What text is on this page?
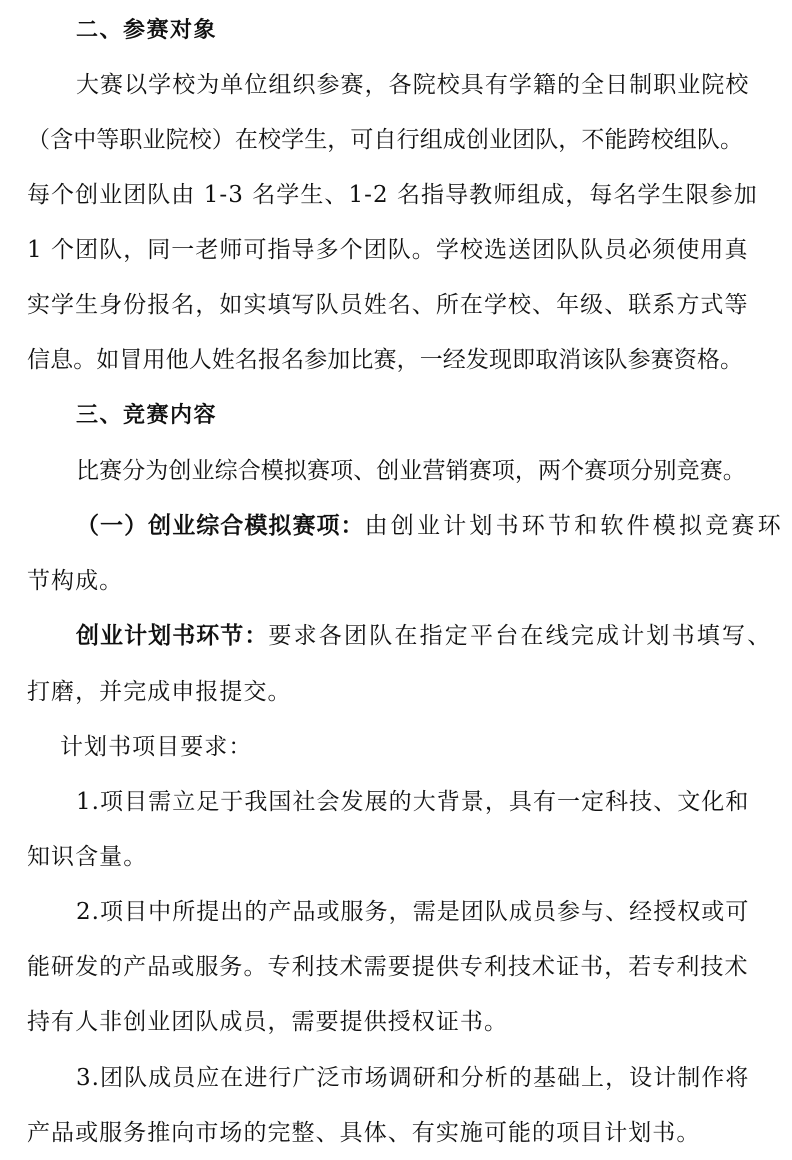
二、参赛对象
大赛以学校为单位组织参赛，各院校具有学籍的全日制职业院校
（含中等职业院校）在校学生，可自行组成创业团队，不能跨校组队。
每个创业团队由 1-3 名学生、1-2 名指导教师组成，每名学生限参加
1 个团队，同一老师可指导多个团队。学校选送团队队员必须使用真
实学生身份报名，如实填写队员姓名、所在学校、年级、联系方式等
信息。如冒用他人姓名报名参加比赛，一经发现即取消该队参赛资格。
三、竞赛内容
比赛分为创业综合模拟赛项、创业营销赛项，两个赛项分别竞赛。
（一）创业综合模拟赛项：由创业计划书环节和软件模拟竞赛环
节构成。
创业计划书环节：要求各团队在指定平台在线完成计划书填写、
打磨，并完成申报提交。
计划书项目要求：
1.项目需立足于我国社会发展的大背景，具有一定科技、文化和
知识含量。
2.项目中所提出的产品或服务，需是团队成员参与、经授权或可
能研发的产品或服务。专利技术需要提供专利技术证书，若专利技术
持有人非创业团队成员，需要提供授权证书。
3.团队成员应在进行广泛市场调研和分析的基础上，设计制作将
产品或服务推向市场的完整、具体、有实施可能的项目计划书。
